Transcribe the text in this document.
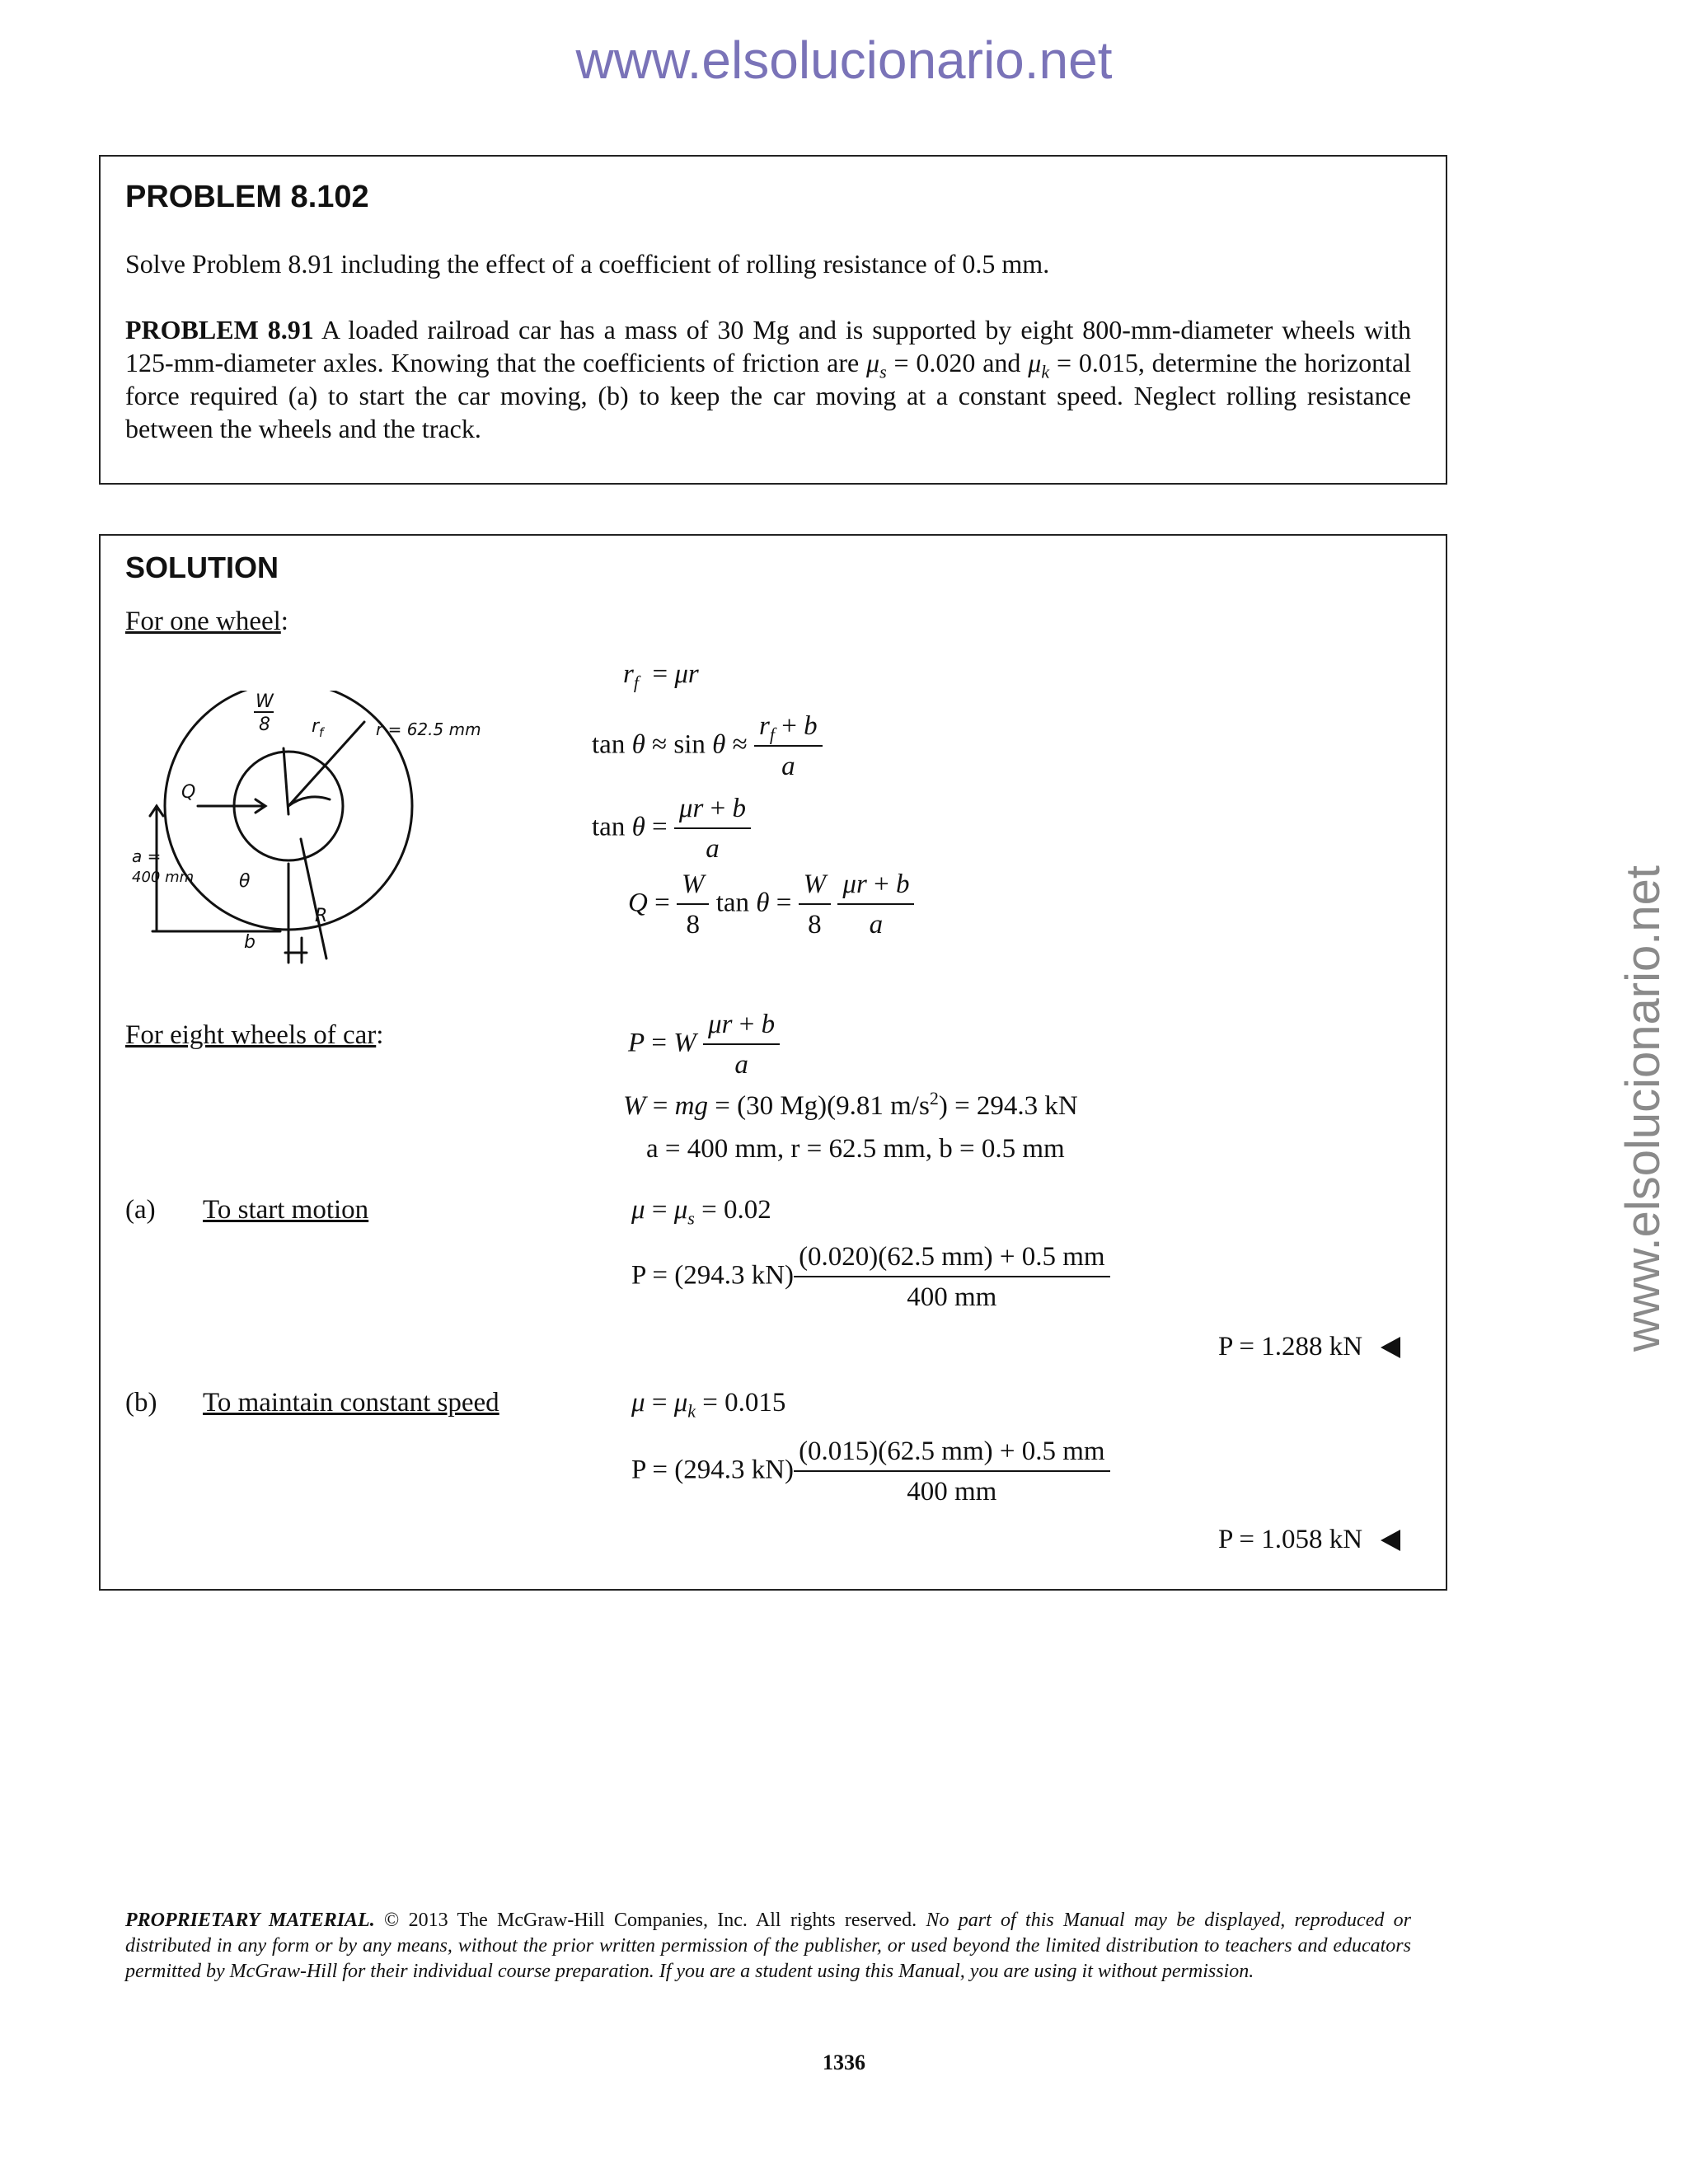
www.elsolucionario.net
www.elsolucionario.net
PROBLEM 8.102
Solve Problem 8.91 including the effect of a coefficient of rolling resistance of 0.5 mm.
PROBLEM 8.91 A loaded railroad car has a mass of 30 Mg and is supported by eight 800-mm-diameter wheels with 125-mm-diameter axles. Knowing that the coefficients of friction are $\mu_s = 0.020$ and $\mu_k = 0.015$, determine the horizontal force required (a) to start the car moving, (b) to keep the car moving at a constant speed. Neglect rolling resistance between the wheels and the track.
SOLUTION
For one wheel:
W
8 $r_f$	r = 62.5 mm
Q
a =
400 mm θ
b
R
$r_f = \mu r$
$\tan \theta \approx \sin \theta \approx \frac{r_f + b}{a}$
$\tan \theta = \frac{\mu r + b}{a}$
$Q = \frac{W}{8}$ $\tan \theta = \frac{W}{8}$
$\frac{\mu r + b}{a}$
For eight wheels of car:	P = W $\frac{\mu r + b}{a}$
W = mg = (30 Mg)(9.81 $m/s^2) = 294.3$ kN
a = 400 mm, r = 62.5 mm, b = 0.5 mm
(a) To start motion	$\mu = \mu_s = 0.02$
P = (294.3 $kN) \frac{(0.020)(62.5 mm) + 0.5 mm}{400 mm}$
P = 1.288 kN
(b) To maintain constant speed	$\mu = \mu_k = 0.015$
P = (294.3 $kN) \frac{(0.015)(62.5 mm) + 0.5 mm}{400 mm}$
P = 1.058 kN
PROPRIETARY MATERIAL. © 2013 The McGraw-Hill Companies, Inc. All rights reserved. No part of this Manual may be displayed, reproduced or distributed in any form or by any means, without the prior written permission of the publisher, or used beyond the limited distribution to teachers and educators permitted by McGraw-Hill for their individual course preparation. If you are a student using this Manual, you are using it without permission.
1336
